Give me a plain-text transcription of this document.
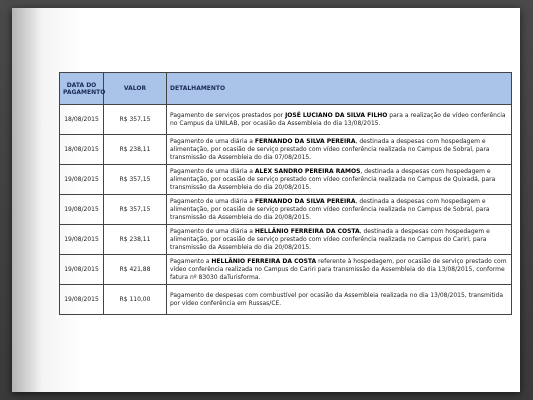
DATA DO PAGAMENTO	VALOR	DETALHAMENTO
18/08/2015	R$ 357,15	Pagamento de serviços prestados por JOSÉ LUCIANO DA SILVA FILHO para a realização de vídeo conferência no Campus da UNILAB, por ocasião da Assembleia do dia 13/08/2015.
18/08/2015	R$ 238,11	Pagamento de uma diária a FERNANDO DA SILVA PEREIRA, destinada a despesas com hospedagem e alimentação, por ocasião de serviço prestado com vídeo conferência realizada no Campus de Sobral, para transmissão da Assembleia do dia 07/08/2015.
19/08/2015	R$ 357,15	Pagamento de uma diária a ALEX SANDRO PEREIRA RAMOS, destinada a despesas com hospedagem e alimentação, por ocasião de serviço prestado com vídeo conferência realizada no Campus de Quixadá, para transmissão da Assembleia do dia 20/08/2015.
19/08/2015	R$ 357,15	Pagamento de uma diária a FERNANDO DA SILVA PEREIRA, destinada a despesas com hospedagem e alimentação, por ocasião de serviço prestado com vídeo conferência realizada no Campus de Sobral, para transmissão da Assembleia do dia 20/08/2015.
19/08/2015	R$ 238,11	Pagamento de uma diária a HELLÂNIO FERREIRA DA COSTA, destinada a despesas com hospedagem e alimentação, por ocasião de serviço prestado com vídeo conferência realizada no Campus do Cariri, para transmissão da Assembleia do dia 20/08/2015.
19/08/2015	R$ 421,88	Pagamento a HELLÂNIO FERREIRA DA COSTA referente à hospedagem, por ocasião de serviço prestado com vídeo conferência realizada no Campus do Cariri para transmissão da Assembleia do dia 13/08/2015, conforme fatura nº 83030 daTurisforma.
19/08/2015	R$ 110,00	Pagamento de despesas com combustível por ocasião da Assembleia realizada no dia 13/08/2015, transmitida por vídeo conferência em Russas/CE.
